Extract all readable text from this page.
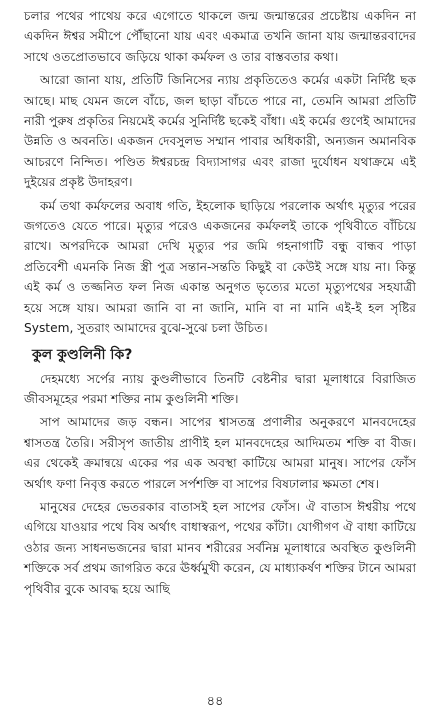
চলার পথের পাথেয় করে এগোতে থাকলে জন্ম জন্মান্তরের প্রচেষ্টায় একদিন না একদিন ঈশ্বর সমীপে পৌঁছানো যায় এবং একমাত্র তখনি জানা যায় জন্মান্তরবাদের সাথে ওতপ্রোতভাবে জড়িয়ে থাকা কর্মফল ও তার বাস্তবতার কথা।

আরো জানা যায়, প্রতিটি জিনিসের ন্যায় প্রকৃতিতেও কর্মের একটা নির্দিষ্ট ছক আছে। মাছ যেমন জলে বাঁচে, জল ছাড়া বাঁচতে পারে না, তেমনি আমরা প্রতিটি নারী পুরুষ প্রকৃতির নিয়মেই কর্মের সুনির্দিষ্ট ছকেই বাঁধা। এই কর্মের গুণেই আমাদের উন্নতি ও অবনতি। একজন দেবসুলভ সম্মান পাবার অধিকারী, অন্যজন অমানবিক আচরণে নিন্দিত। পণ্ডিত ঈশ্বরচন্দ্র বিদ্যাসাগর এবং রাজা দুর্যোধন যথাক্রমে এই দুইয়ের প্রকৃষ্ট উদাহরণ।

কর্ম তথা কর্মফলের অবাধ গতি, ইহলোক ছাড়িয়ে পরলোক অর্থাৎ মৃত্যুর পরের জগতেও যেতে পারে। মৃত্যুর পরেও একজনের কর্মফলই তাকে পৃথিবীতে বাঁচিয়ে রাখে। অপরদিকে আমরা দেখি মৃত্যুর পর জমি গহনাগাটি বন্ধু বান্ধব পাড়া প্রতিবেশী এমনকি নিজ স্ত্রী পুত্র সন্তান-সন্ততি কিছুই বা কেউই সঙ্গে যায় না। কিন্তু এই কর্ম ও তজ্জনিত ফল নিজ একান্ত অনুগত ভৃত্যের মতো মৃত্যুপথের সহযাত্রী হয়ে সঙ্গে যায়। আমরা জানি বা না জানি, মানি বা না মানি এই-ই হল সৃষ্টির System, সুতরাং আমাদের বুঝে-সুঝে চলা উচিত।

কুল কুণ্ডলিনী কি?

দেহমধ্যে সর্পের ন্যায় কুণ্ডলীভাবে তিনটি বেষ্টনীর দ্বারা মূলাধারে বিরাজিত জীবসমূহের পরমা শক্তির নাম কুণ্ডলিনী শক্তি।

সাপ আমাদের জড় বন্ধন। সাপের শ্বাসতন্ত্র প্রণালীর অনুকরণে মানবদেহের শ্বাসতন্ত্র তৈরি। সরীসৃপ জাতীয় প্রাণীই হল মানবদেহের আদিমতম শক্তি বা বীজ। এর থেকেই ক্রমান্বয়ে একের পর এক অবস্থা কাটিয়ে আমরা মানুষ। সাপের ফোঁস অর্থাৎ ফণা নিবৃত্ত করতে পারলে সর্পশক্তি বা সাপের বিষঢালার ক্ষমতা শেষ।

মানুষের দেহের ভেতরকার বাতাসই হল সাপের ফোঁস। ঐ বাতাস ঈশ্বরীয় পথে এগিয়ে যাওয়ার পথে বিষ অর্থাৎ বাধাস্বরূপ, পথের কাঁটা। যোগীগণ ঐ বাধা কাটিয়ে ওঠার জন্য সাধনভজনের দ্বারা মানব শরীরের সর্বনিম্ন মূলাধারে অবস্থিত কুণ্ডলিনী শক্তিকে সর্ব প্রথম জাগরিত করে ঊর্ধ্বমুখী করেন, যে মাধ্যাকর্ষণ শক্তির টানে আমরা পৃথিবীর বুকে আবদ্ধ হয়ে আছি

৪৪
